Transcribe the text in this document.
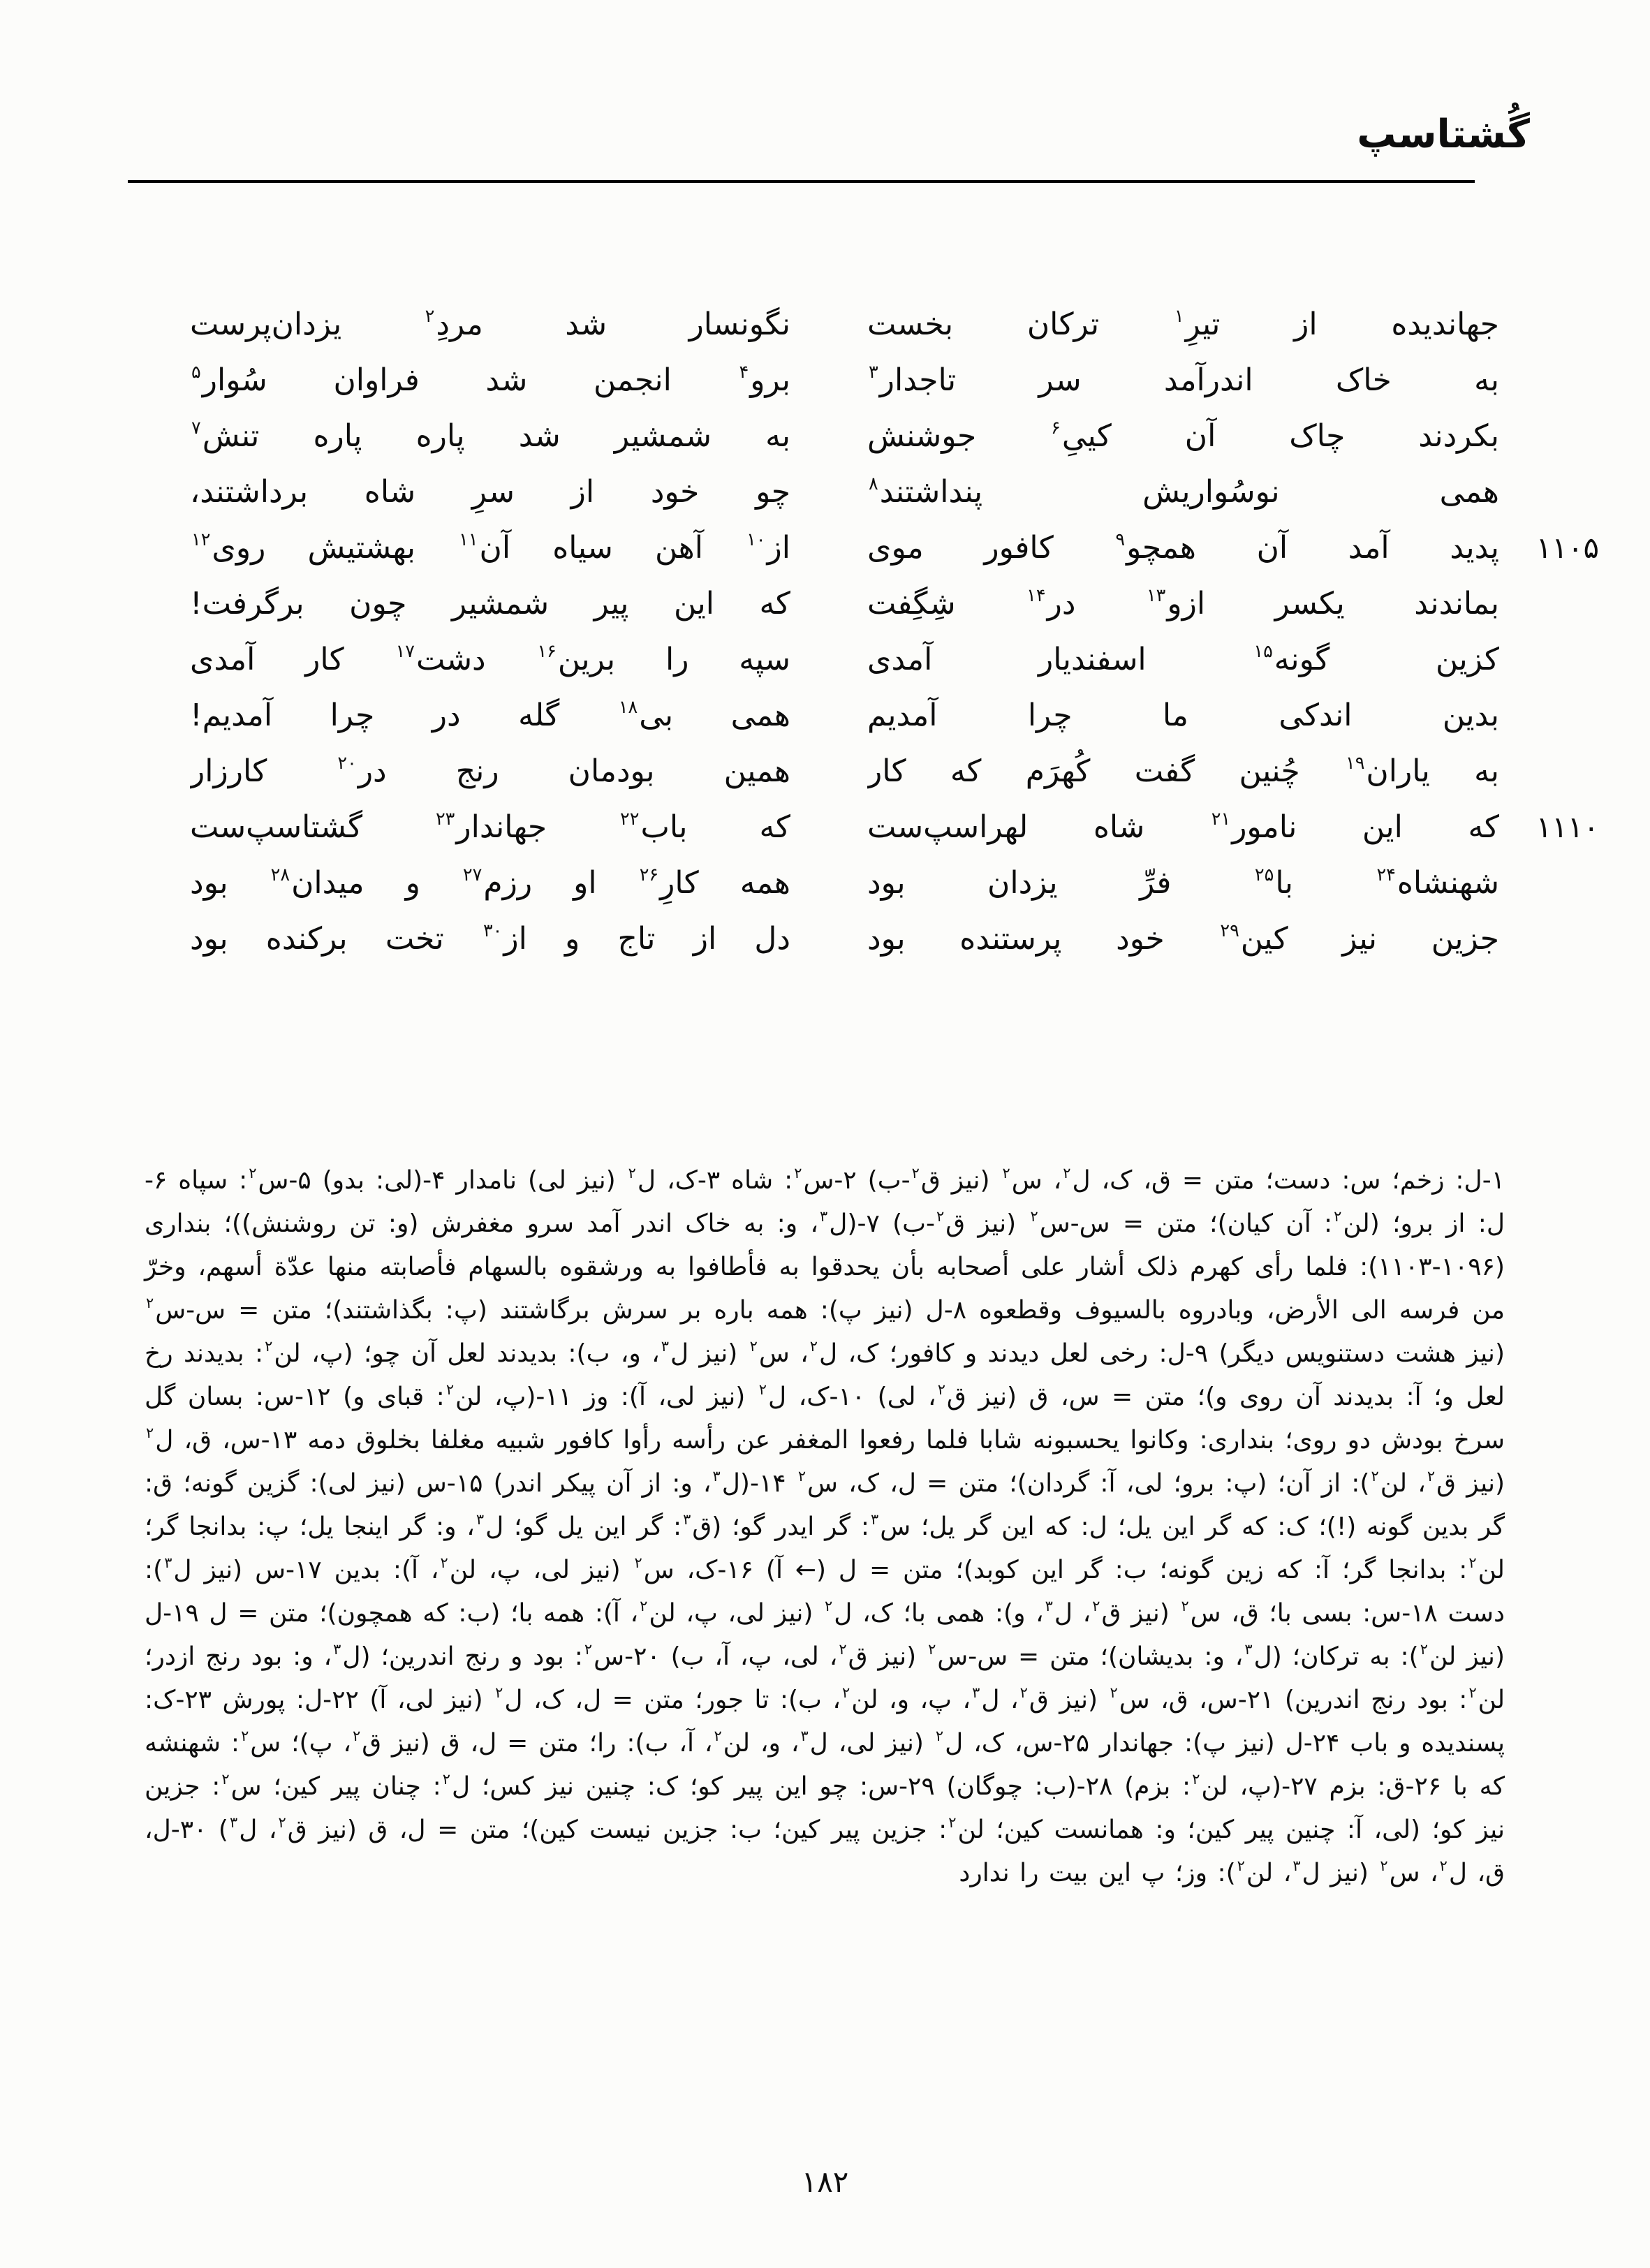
گُشتاسپ
جهاندیده از تیرِ$^۱$ ترکان بخست
نگونسار شد مردِ$^۲$ یزدان‌پرست
به خاک اندرآمد سر تاجدار$^۳$
برو$^۴$ انجمن شد فراوان سُوار$^۵$
بکردند چاک آن کییِ$^۶$ جوشنش
به شمشیر شد پاره پاره تنش$^۷$
همی نوسُواریش پنداشتند$^۸$
چو خود از سرِ شاه برداشتند،
۱۱۰۵
پدید آمد آن همچو$^۹$ کافور موی
از$^{۱۰}$ آهن سیاه آن$^{۱۱}$ بهشتیش روی$^{۱۲}$
بماندند یکسر ازو$^{۱۳}$ در$^{۱۴}$ شِگِفت
که این پیر شمشیر چون برگرفت!
کزین گونه$^{۱۵}$ اسفندیار آمدی
سپه را برین$^{۱۶}$ دشت$^{۱۷}$ کار آمدی
بدین اندکی ما چرا آمدیم
همی بی$^{۱۸}$ گله در چرا آمدیم!
به یاران$^{۱۹}$ چُنین گفت کُهرَم که کار
همین بودمان رنج در$^{۲۰}$ کارزار
۱۱۱۰
که این نامور$^{۲۱}$ شاه لهراسپ‌ست
که باب$^{۲۲}$ جهاندار$^{۲۳}$ گشتاسپ‌ست
شهنشاه$^{۲۴}$ با$^{۲۵}$ فرِّ یزدان بود
همه کارِ$^{۲۶}$ او رزم$^{۲۷}$ و میدان$^{۲۸}$ بود
جزین نیز کین$^{۲۹}$ خود پرستنده بود
دل از تاج و از$^{۳۰}$ تخت برکنده بود

۱-ل: زخم؛ س: دست؛ متن = ق، ک، ل$^۲$، س$^۲$ (نیز ق$^۲$-ب) ۲-س$^۲$: شاه ۳-ک، ل$^۲$ (نیز لی) نامدار ۴-(لی: بدو) ۵-س$^۲$: سپاه ۶-ل: از برو؛ (لن$^۲$: آن کیان)؛ متن = س-س$^۲$ (نیز ق$^۲$-ب) ۷-(ل$^۳$، و: به خاک اندر آمد سرو مغفرش (و: تن روشنش))؛ بنداری (۱۰۹۶-۱۱۰۳): فلما رأی کهرم ذلک أشار علی أصحابه بأن یحدقوا به فأطافوا به ورشقوه بالسهام فأصابته منها عدّة أسهم، وخرّ من فرسه الی الأرض، وبادروه بالسیوف وقطعوه ۸-ل (نیز پ): همه باره بر سرش برگاشتند (پ: بگذاشتند)؛ متن = س-س$^۲$ (نیز هشت دستنویس دیگر) ۹-ل: رخی لعل دیدند و کافور؛ ک، ل$^۲$، س$^۲$ (نیز ل$^۳$، و، ب): بدیدند لعل آن چو؛ (پ، لن$^۲$: بدیدند رخ لعل و؛ آ: بدیدند آن روی و)؛ متن = س، ق (نیز ق$^۲$، لی) ۱۰-ک، ل$^۲$ (نیز لی، آ): وز ۱۱-(پ، لن$^۲$: قبای و) ۱۲-س: بسان گل سرخ بودش دو روی؛ بنداری: وکانوا یحسبونه شابا فلما رفعوا المغفر عن رأسه رأوا کافور شبیه مغلفا بخلوق دمه ۱۳-س، ق، ل$^۲$ (نیز ق$^۲$، لن$^۲$): از آن؛ (پ: برو؛ لی، آ: گردان)؛ متن = ل، ک، س$^۲$ ۱۴-(ل$^۳$، و: از آن پیکر اندر) ۱۵-س (نیز لی): گزین گونه؛ ق: گر بدین گونه (!)؛ ک: که گر این یل؛ ل: که این گر یل؛ س$^۳$: گر ایدر گو؛ (ق$^۳$: گر این یل گو؛ ل$^۳$، و: گر اینجا یل؛ پ: بدانجا گر؛ لن$^۲$: بدانجا گر؛ آ: که زین گونه؛ ب: گر این کوبد)؛ متن = ل (← آ) ۱۶-ک، س$^۲$ (نیز لی، پ، لن$^۲$، آ): بدین ۱۷-س (نیز ل$^۳$): دست ۱۸-س: بسی با؛ ق، س$^۲$ (نیز ق$^۲$، ل$^۳$، و): همی با؛ ک، ل$^۲$ (نیز لی، پ، لن$^۲$، آ): همه با؛ (ب: که همچون)؛ متن = ل ۱۹-ل (نیز لن$^۲$): به ترکان؛ (ل$^۳$، و: بدیشان)؛ متن = س-س$^۲$ (نیز ق$^۲$، لی، پ، آ، ب) ۲۰-س$^۲$: بود و رنج اندرین؛ (ل$^۳$، و: بود رنج ازدر؛ لن$^۲$: بود رنج اندرین) ۲۱-س، ق، س$^۲$ (نیز ق$^۲$، ل$^۳$، پ، و، لن$^۲$، ب): تا جور؛ متن = ل، ک، ل$^۲$ (نیز لی، آ) ۲۲-ل: پورش ۲۳-ک: پسندیده و باب ۲۴-ل (نیز پ): جهاندار ۲۵-س، ک، ل$^۲$ (نیز لی، ل$^۳$، و، لن$^۲$، آ، ب): را؛ متن = ل، ق (نیز ق$^۲$، پ)؛ س$^۲$: شهنشه که با ۲۶-ق: بزم ۲۷-(پ، لن$^۲$: بزم) ۲۸-(ب: چوگان) ۲۹-س: چو این پیر کو؛ ک: چنین نیز کس؛ ل$^۲$: چنان پیر کین؛ س$^۲$: جزین نیز کو؛ (لی، آ: چنین پیر کین؛ و: همانست کین؛ لن$^۲$: جزین پیر کین؛ ب: جزین نیست کین)؛ متن = ل، ق (نیز ق$^۲$، ل$^۳$) ۳۰-ل، ق، ل$^۲$، س$^۲$ (نیز ل$^۳$، لن$^۲$): وز؛ پ این بیت را ندارد

۱۸۲
